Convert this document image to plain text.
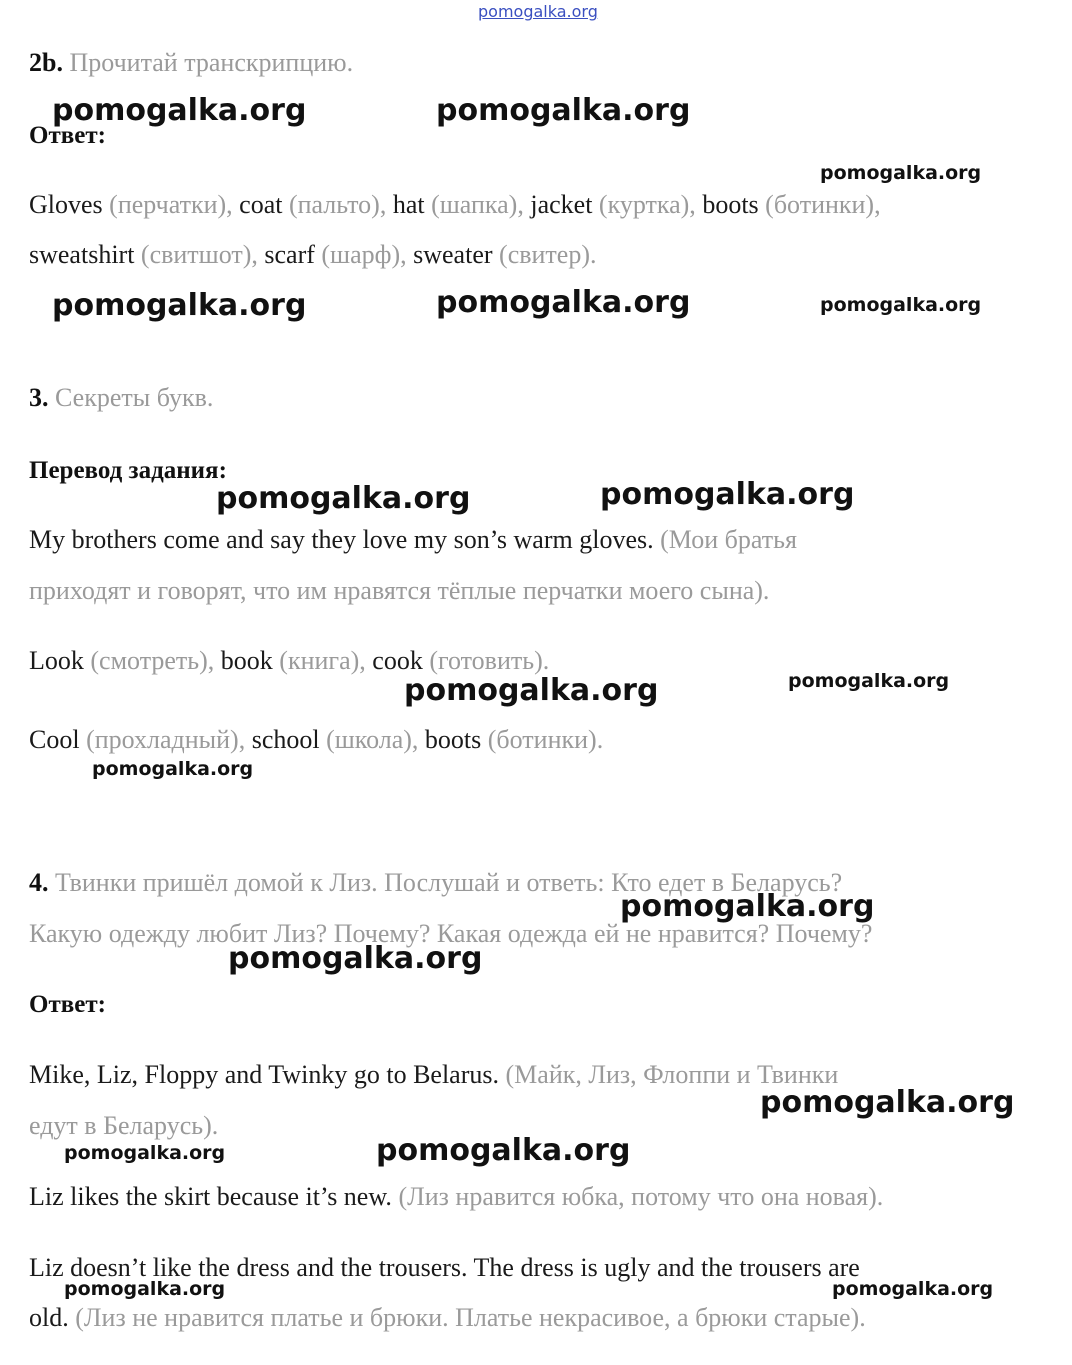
pomogalka.org
2b. Прочитай транскрипцию.
Ответ:
Gloves (перчатки), coat (пальто), hat (шапка), jacket (куртка), boots (ботинки),
sweatshirt (свитшот), scarf (шарф), sweater (свитер).
3. Секреты букв.
Перевод задания:
My brothers come and say they love my son’s warm gloves. (Мои братья
приходят и говорят, что им нравятся тёплые перчатки моего сына).
Look (смотреть), book (книга), cook (готовить).
Cool (прохладный), school (школа), boots (ботинки).
4. Твинки пришёл домой к Лиз. Послушай и ответь: Кто едет в Беларусь?
Какую одежду любит Лиз? Почему? Какая одежда ей не нравится? Почему?
Ответ:
Mike, Liz, Floppy and Twinky go to Belarus. (Майк, Лиз, Флоппи и Твинки
едут в Беларусь).
Liz likes the skirt because it’s new. (Лиз нравится юбка, потому что она новая).
Liz doesn’t like the dress and the trousers. The dress is ugly and the trousers are
old. (Лиз не нравится платье и брюки. Платье некрасивое, а брюки старые).
pomogalka.org	pomogalka.org
pomogalka.org
pomogalka.org	pomogalka.org	pomogalka.org
pomogalka.org	pomogalka.org
pomogalka.org	pomogalka.org
pomogalka.org
pomogalka.org
pomogalka.org
pomogalka.org
pomogalka.org	pomogalka.org
pomogalka.org	pomogalka.org
